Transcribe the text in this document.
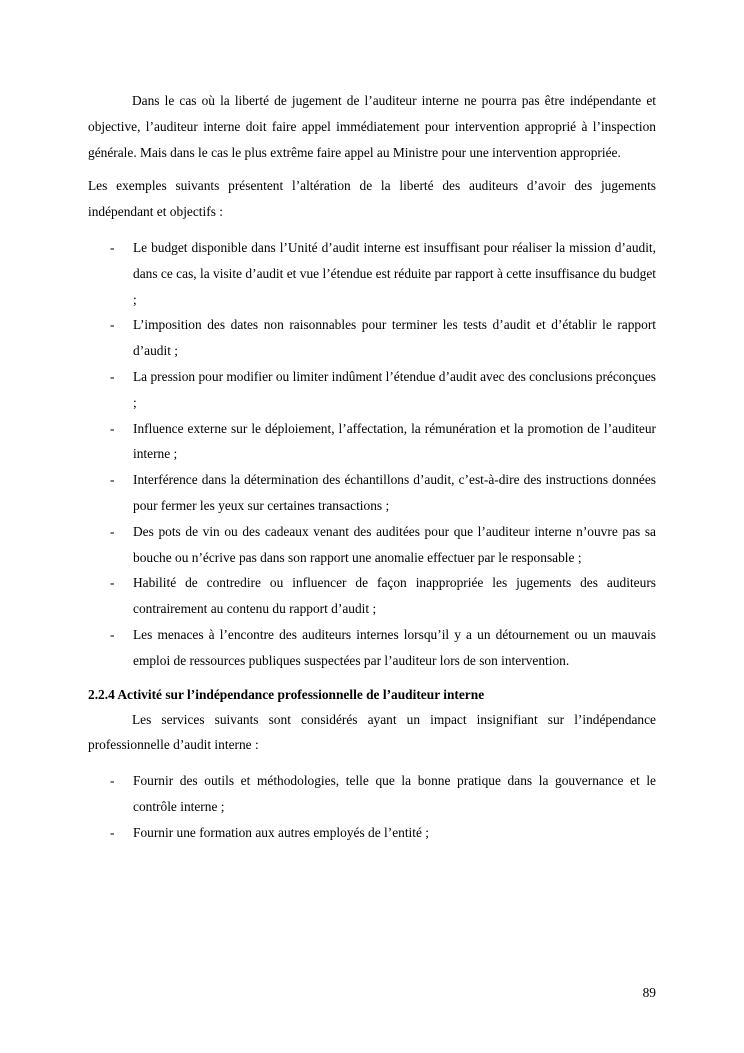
Dans le cas où la liberté de jugement de l’auditeur interne ne pourra pas être indépendante et objective, l’auditeur interne doit faire appel immédiatement pour intervention approprié à l’inspection générale. Mais dans le cas le plus extrême faire appel au Ministre pour une intervention appropriée.

Les exemples suivants présentent l’altération de la liberté des auditeurs d’avoir des jugements indépendant et objectifs :

- Le budget disponible dans l’Unité d’audit interne est insuffisant pour réaliser la mission d’audit, dans ce cas, la visite d’audit et vue l’étendue est réduite par rapport à cette insuffisance du budget ;
- L’imposition des dates non raisonnables pour terminer les tests d’audit et d’établir le rapport d’audit ;
- La pression pour modifier ou limiter indûment l’étendue d’audit avec des conclusions préconçues ;
- Influence externe sur le déploiement, l’affectation, la rémunération et la promotion de l’auditeur interne ;
- Interférence dans la détermination des échantillons d’audit, c’est-à-dire des instructions données pour fermer les yeux sur certaines transactions ;
- Des pots de vin ou des cadeaux venant des auditées pour que l’auditeur interne n’ouvre pas sa bouche ou n’écrive pas dans son rapport une anomalie effectuer par le responsable ;
- Habilité de contredire ou influencer de façon inappropriée les jugements des auditeurs contrairement au contenu du rapport d’audit ;
- Les menaces à l’encontre des auditeurs internes lorsqu’il y a un détournement ou un mauvais emploi de ressources publiques suspectées par l’auditeur lors de son intervention.

2.2.4 Activité sur l’indépendance professionnelle de l’auditeur interne

Les services suivants sont considérés ayant un impact insignifiant sur l’indépendance professionnelle d’audit interne :

- Fournir des outils et méthodologies, telle que la bonne pratique dans la gouvernance et le contrôle interne ;
- Fournir une formation aux autres employés de l’entité ;
89
